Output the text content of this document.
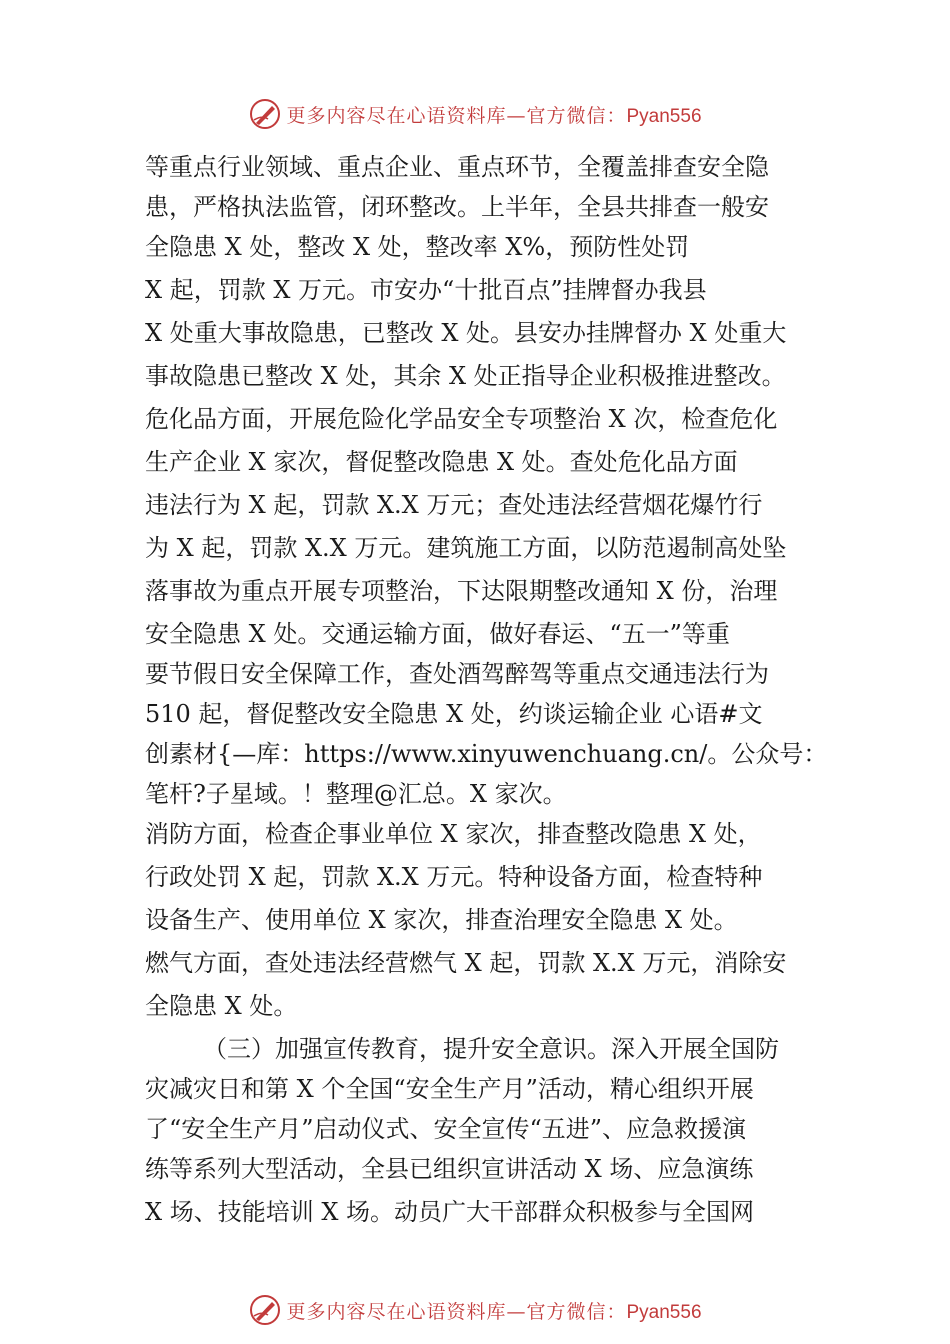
更多内容尽在心语资料库—官方微信：Pyan556
等重点行业领域、重点企业、重点环节，全覆盖排查安全隐
患，严格执法监管，闭环整改。上半年，全县共排查一般安
全隐患 X 处，整改 X 处，整改率 X%，预防性处罚
X 起，罚款 X 万元。市安办“十批百点”挂牌督办我县
X 处重大事故隐患，已整改 X 处。县安办挂牌督办 X 处重大
事故隐患已整改 X 处，其余 X 处正指导企业积极推进整改。
危化品方面，开展危险化学品安全专项整治 X 次，检查危化
生产企业 X 家次，督促整改隐患 X 处。查处危化品方面
违法行为 X 起，罚款 X.X 万元；查处违法经营烟花爆竹行
为 X 起，罚款 X.X 万元。建筑施工方面，以防范遏制高处坠
落事故为重点开展专项整治，下达限期整改通知 X 份，治理
安全隐患 X 处。交通运输方面，做好春运、“五一”等重
要节假日安全保障工作，查处酒驾醉驾等重点交通违法行为
510 起，督促整改安全隐患 X 处，约谈运输企业 心语#文
创素材{—库：https://www.xinyuwenchuang.cn/。公众号：
笔杆?子星域。！整理@汇总。X 家次。
消防方面，检查企事业单位 X 家次，排查整改隐患 X 处，
行政处罚 X 起，罚款 X.X 万元。特种设备方面，检查特种
设备生产、使用单位 X 家次，排查治理安全隐患 X 处。
燃气方面，查处违法经营燃气 X 起，罚款 X.X 万元，消除安
全隐患 X 处。
（三）加强宣传教育，提升安全意识。深入开展全国防
灾减灾日和第 X 个全国“安全生产月”活动，精心组织开展
了“安全生产月”启动仪式、安全宣传“五进”、应急救援演
练等系列大型活动，全县已组织宣讲活动 X 场、应急演练
X 场、技能培训 X 场。动员广大干部群众积极参与全国网
更多内容尽在心语资料库—官方微信：Pyan556
